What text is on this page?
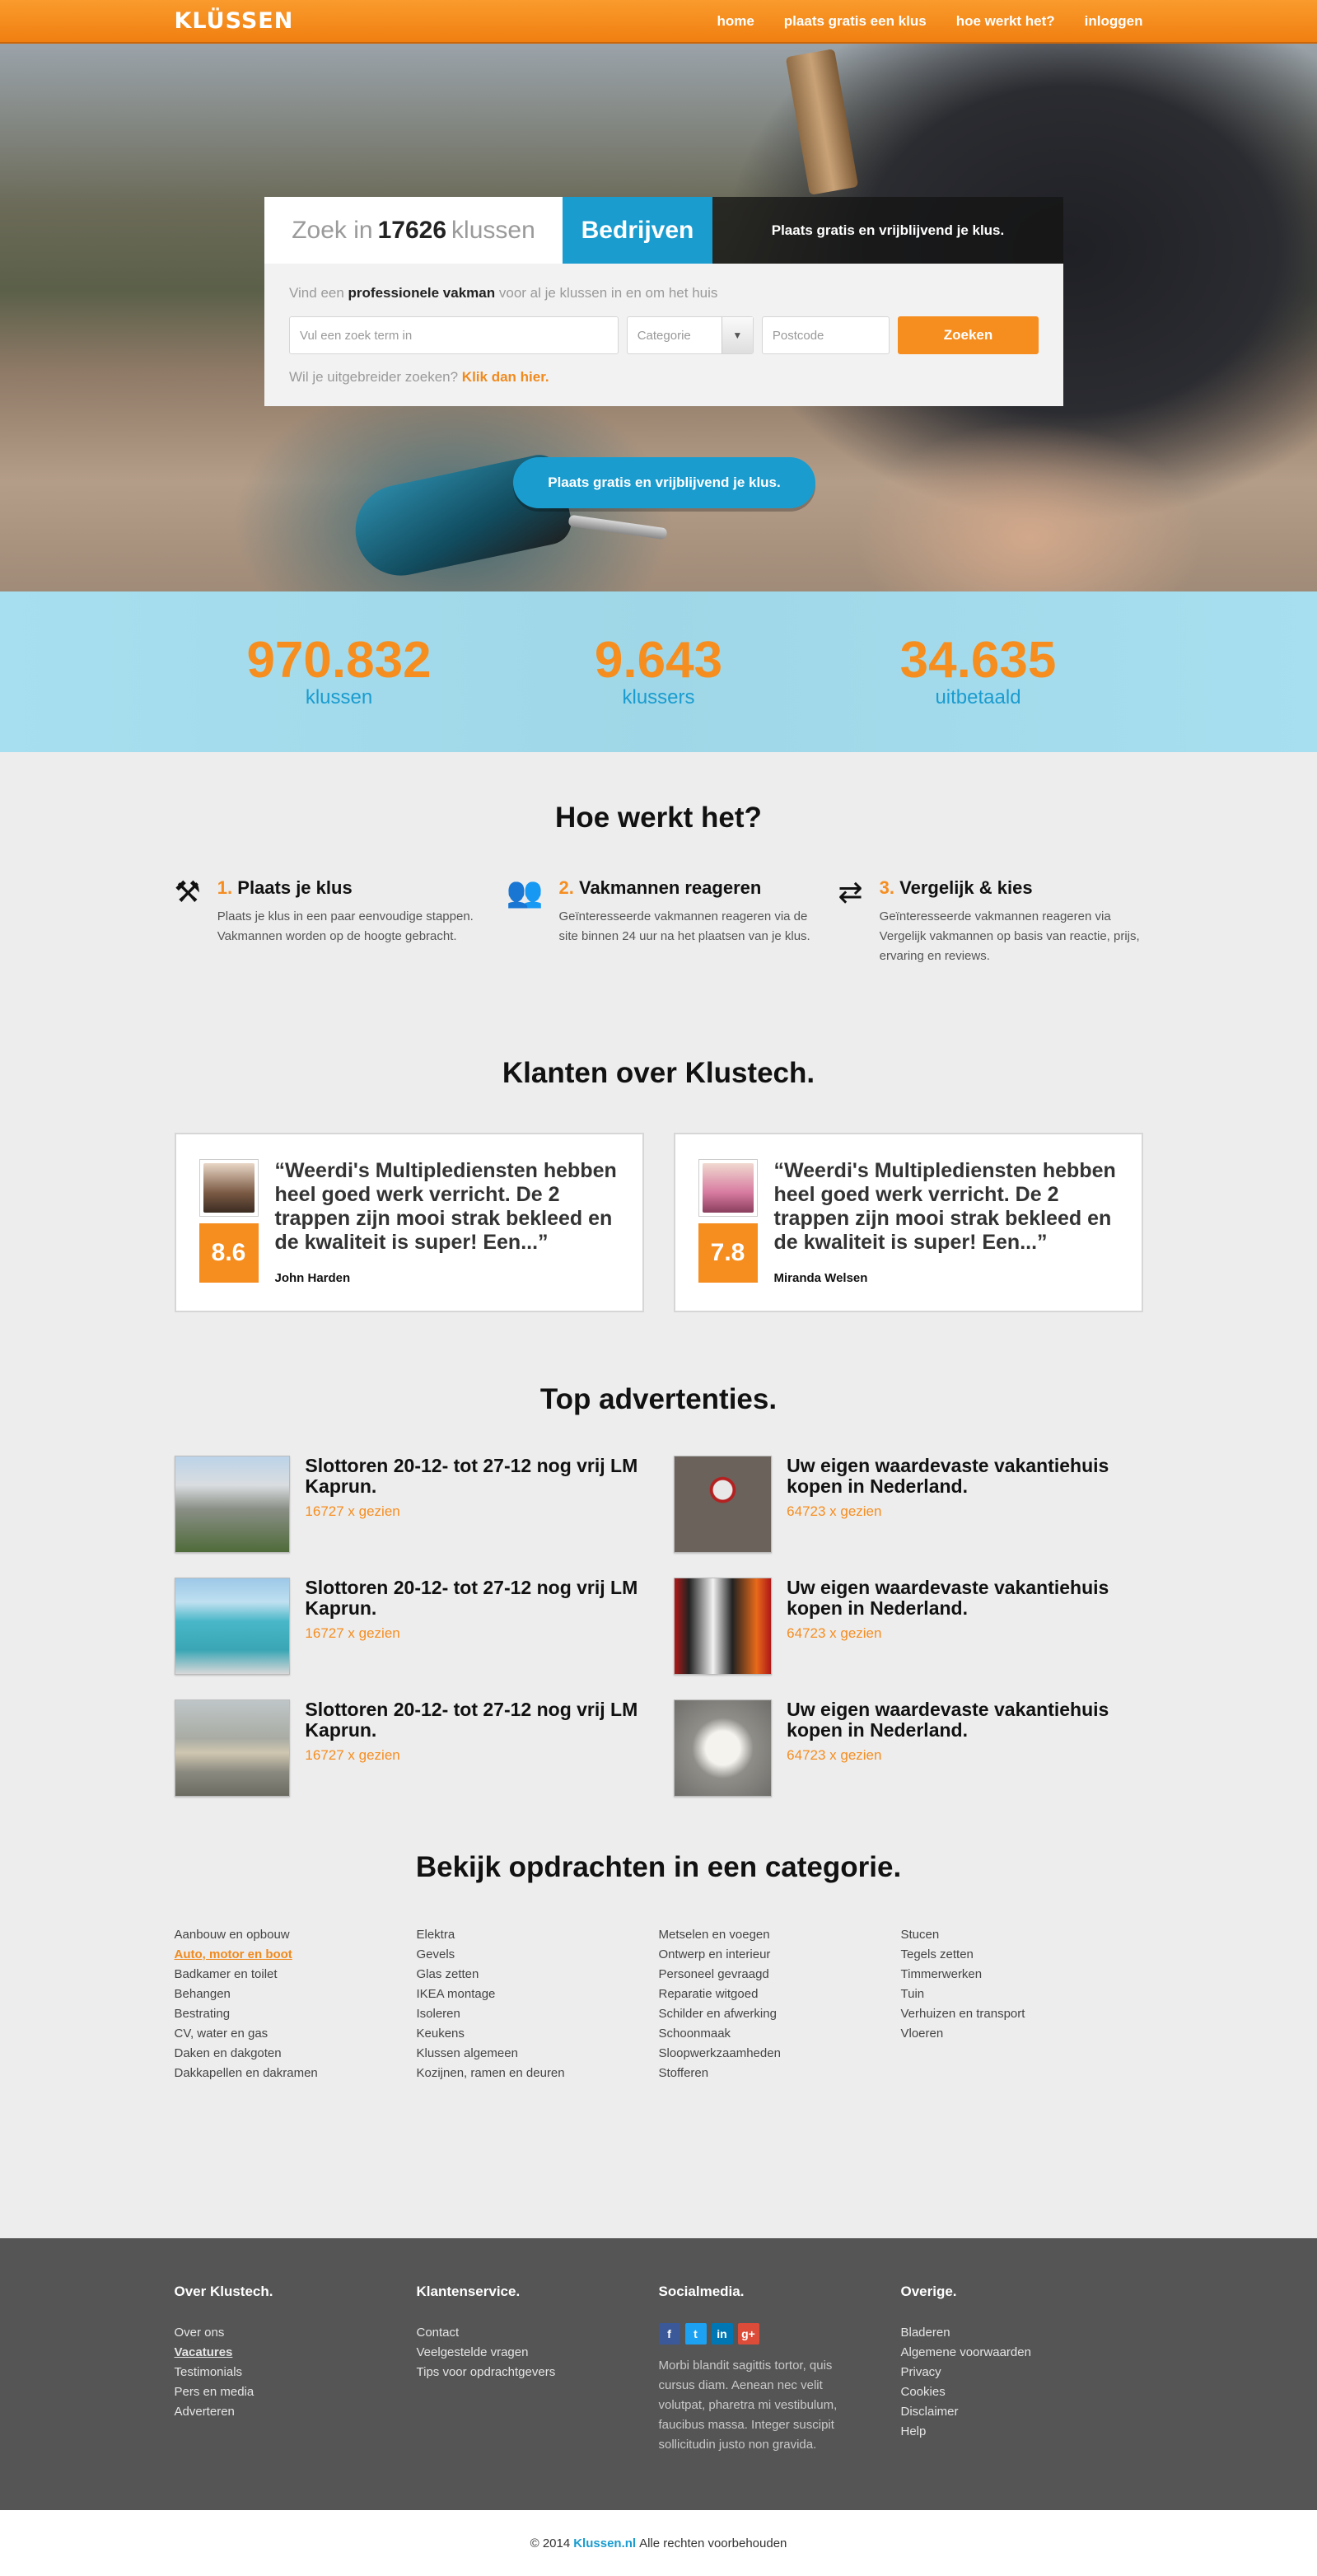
KLÜSSEN	home plaats gratis een klus hoe werkt het? inloggen
Zoek in 17626 klussen	Bedrijven	Plaats gratis en vrijblijvend je klus.
Vind een professionele vakman voor al je klussen in en om het huis
Vul een zoek term in	Categorie	▼	Postcode	Zoeken
Wil je uitgebreider zoeken? Klik dan hier.
Plaats gratis en vrijblijvend je klus.
970.832
klussen
9.643
klussers
34.635
uitbetaald
Hoe werkt het?
⚒ 1. Plaats je klus

Plaats je klus in een paar eenvoudige stappen. Vakmannen worden op de hoogte gebracht.

👥 2. Vakmannen reageren

Geïnteresseerde vakmannen reageren via de site binnen 24 uur na het plaatsen van je klus.

⇄ 3. Vergelijk & kies

Geïnteresseerde vakmannen reageren via Vergelijk vakmannen op basis van reactie, prijs, ervaring en reviews.

Klanten over Klustech.
8.6
“Weerdi's Multiplediensten hebben heel goed werk verricht. De 2 trappen zijn mooi strak bekleed en de kwaliteit is super! Een...”
John Harden
7.8
“Weerdi's Multiplediensten hebben heel goed werk verricht. De 2 trappen zijn mooi strak bekleed en de kwaliteit is super! Een...”
Miranda Welsen
Top advertenties.
Slottoren 20-12- tot 27-12 nog vrij LM Kaprun.
16727 x gezien
Uw eigen waardevaste vakantiehuis kopen in Nederland.
64723 x gezien
Slottoren 20-12- tot 27-12 nog vrij LM Kaprun.
16727 x gezien
Uw eigen waardevaste vakantiehuis kopen in Nederland.
64723 x gezien
Slottoren 20-12- tot 27-12 nog vrij LM Kaprun.
16727 x gezien
Uw eigen waardevaste vakantiehuis kopen in Nederland.
64723 x gezien
Bekijk opdrachten in een categorie.
Aanbouw en opbouw
Auto, motor en boot
Badkamer en toilet
Behangen
Bestrating
CV, water en gas
Daken en dakgoten
Dakkapellen en dakramen
Elektra
Gevels
Glas zetten
IKEA montage
Isoleren
Keukens
Klussen algemeen
Kozijnen, ramen en deuren
Metselen en voegen
Ontwerp en interieur
Personeel gevraagd
Reparatie witgoed
Schilder en afwerking
Schoonmaak
Sloopwerkzaamheden
Stofferen
Stucen
Tegels zetten
Timmerwerken
Tuin
Verhuizen en transport
Vloeren
Over Klustech.
Over ons
Vacatures
Testimonials
Pers en media
Adverteren
Klantenservice.
Contact
Veelgestelde vragen
Tips voor opdrachtgevers
Socialmedia.
f	t	in	g+
Morbi blandit sagittis tortor, quis cursus diam. Aenean nec velit volutpat, pharetra mi vestibulum, faucibus massa. Integer suscipit sollicitudin justo non gravida.
Overige.
Bladeren
Algemene voorwaarden
Privacy
Cookies
Disclaimer
Help
© 2014 Klussen.nl Alle rechten voorbehouden
